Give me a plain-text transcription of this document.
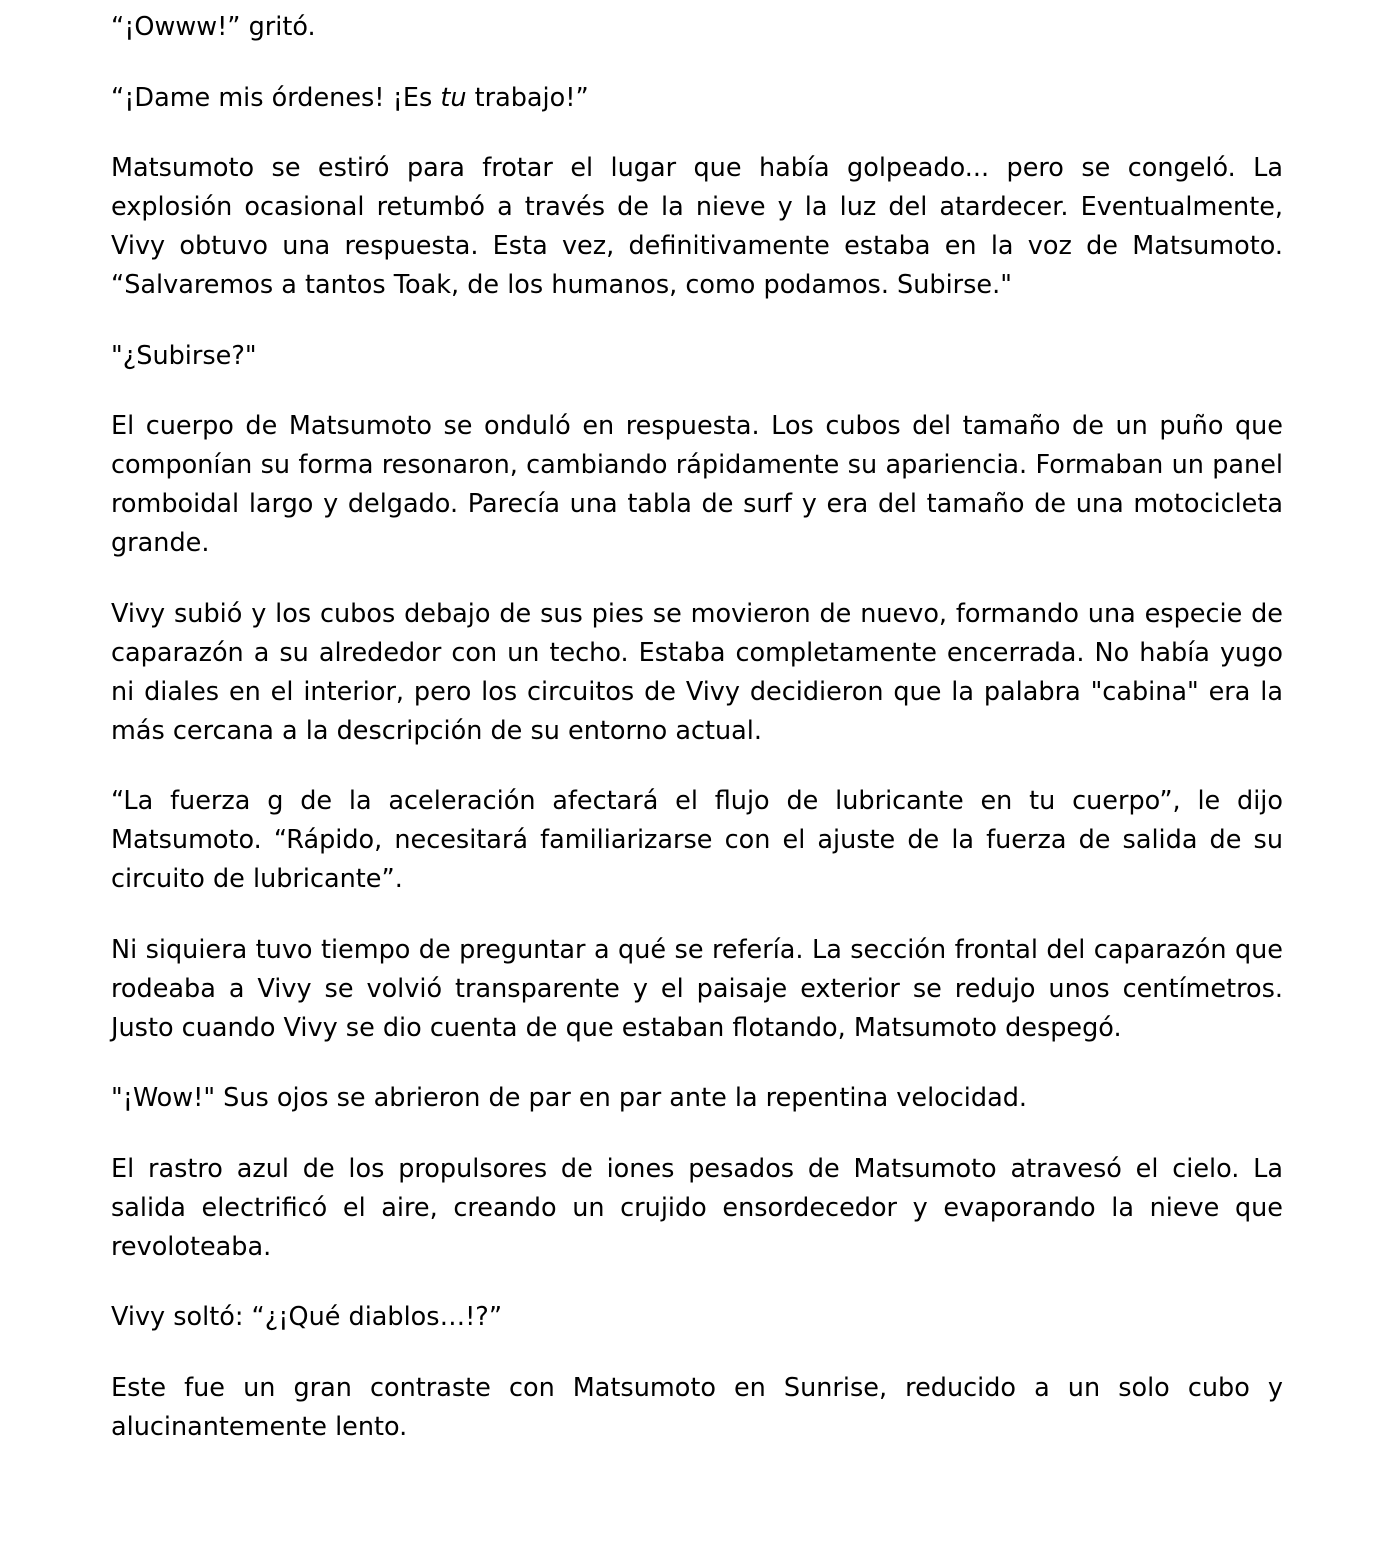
“¡Owww!” gritó.

“¡Dame mis órdenes! ¡Es tu trabajo!”

Matsumoto se estiró para frotar el lugar que había golpeado... pero se congeló. La explosión ocasional retumbó a través de la nieve y la luz del atardecer. Eventualmente, Vivy obtuvo una respuesta. Esta vez, definitivamente estaba en la voz de Matsumoto. “Salvaremos a tantos Toak, de los humanos, como podamos. Subirse."

"¿Subirse?"

El cuerpo de Matsumoto se onduló en respuesta. Los cubos del tamaño de un puño que componían su forma resonaron, cambiando rápidamente su apariencia. Formaban un panel romboidal largo y delgado. Parecía una tabla de surf y era del tamaño de una motocicleta grande.

Vivy subió y los cubos debajo de sus pies se movieron de nuevo, formando una especie de caparazón a su alrededor con un techo. Estaba completamente encerrada. No había yugo ni diales en el interior, pero los circuitos de Vivy decidieron que la palabra "cabina" era la más cercana a la descripción de su entorno actual.

“La fuerza g de la aceleración afectará el flujo de lubricante en tu cuerpo”, le dijo Matsumoto. “Rápido, necesitará familiarizarse con el ajuste de la fuerza de salida de su circuito de lubricante”.

Ni siquiera tuvo tiempo de preguntar a qué se refería. La sección frontal del caparazón que rodeaba a Vivy se volvió transparente y el paisaje exterior se redujo unos centímetros. Justo cuando Vivy se dio cuenta de que estaban flotando, Matsumoto despegó.

"¡Wow!" Sus ojos se abrieron de par en par ante la repentina velocidad.

El rastro azul de los propulsores de iones pesados de Matsumoto atravesó el cielo. La salida electrificó el aire, creando un crujido ensordecedor y evaporando la nieve que revoloteaba.

Vivy soltó: “¿¡Qué diablos…!?”

Este fue un gran contraste con Matsumoto en Sunrise, reducido a un solo cubo y alucinantemente lento.
